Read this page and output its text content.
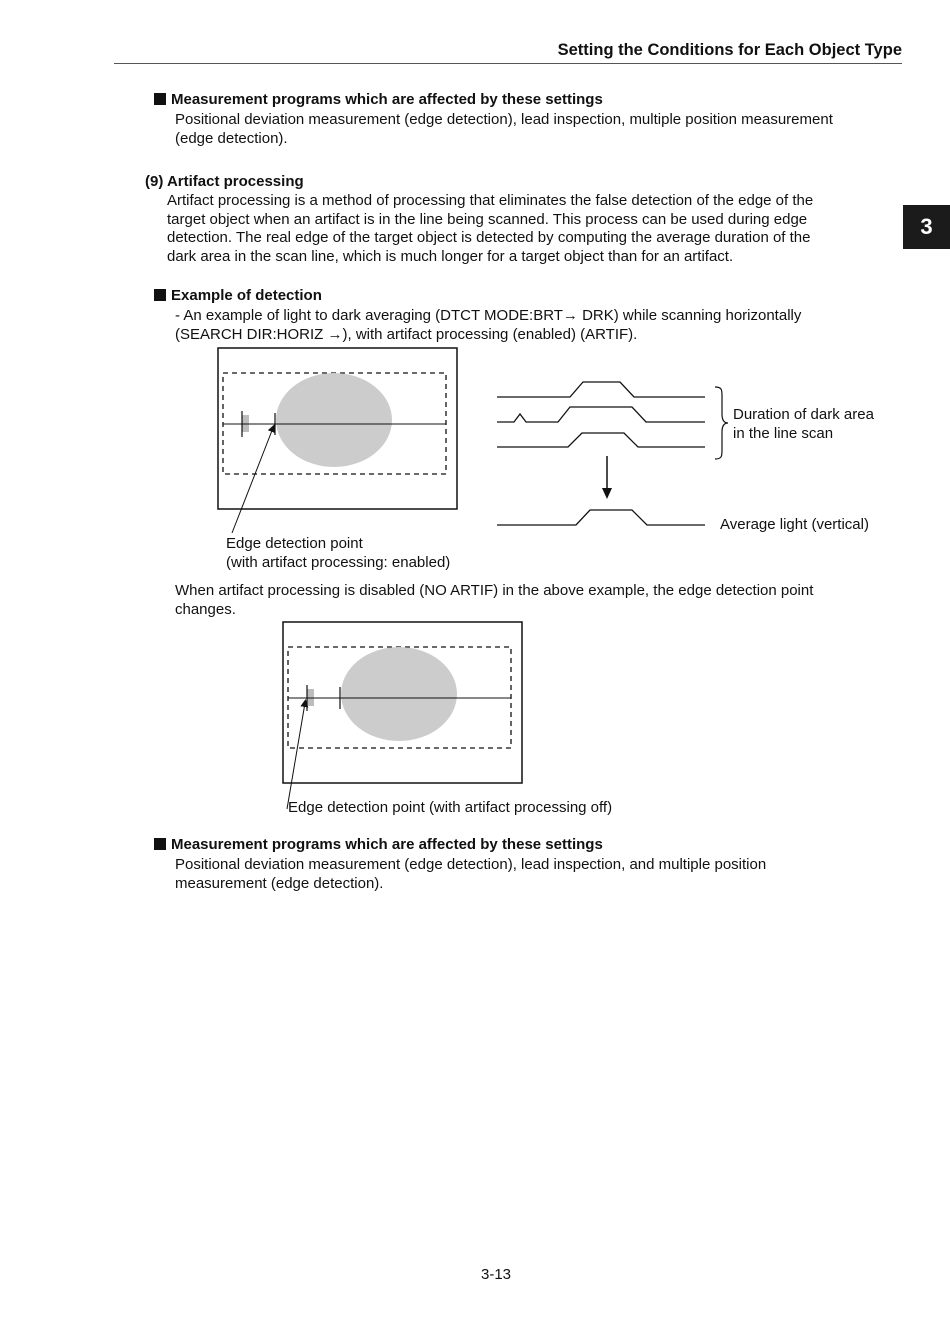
Setting the Conditions for Each Object Type
3
Measurement programs which are affected by these settings
Positional deviation measurement (edge detection), lead inspection, multiple position measurement
(edge detection).
(9) Artifact processing
Artifact processing is a method of processing that eliminates the false detection of the edge of the
target object when an artifact is in the line being scanned. This process can be used during edge
detection. The real edge of the target object is detected by computing the average duration of the
dark area in the scan line, which is much longer for a target object than for an artifact.
Example of detection
- An example of light to dark averaging (DTCT MODE:BRT→ DRK) while scanning horizontally
(SEARCH DIR:HORIZ →), with artifact processing (enabled) (ARTIF).
Edge detection point
(with artifact processing: enabled)
Duration of dark area
in the line scan
Average light (vertical)
When artifact processing is disabled (NO ARTIF) in the above example, the edge detection point
changes.
Edge detection point (with artifact processing off)
Measurement programs which are affected by these settings
Positional deviation measurement (edge detection), lead inspection, and multiple position
measurement (edge detection).
3-13
